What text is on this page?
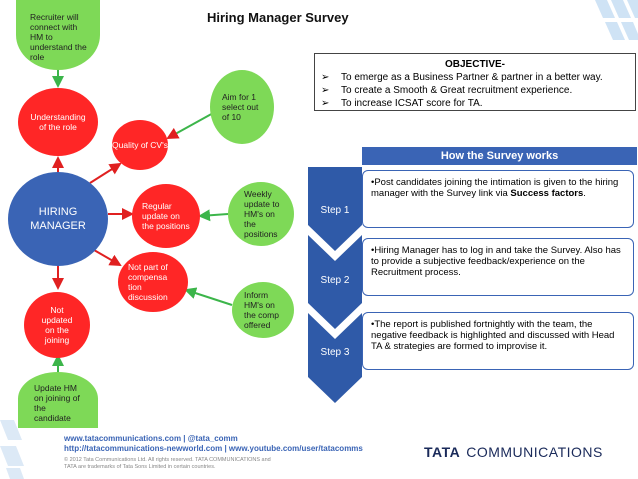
Hiring Manager Survey
Recruiter will connect with HM to understand the role
Understanding of the role
Quality of CV's
Aim for 1 select out of 10
HIRING MANAGER
Regular update on the positions
Weekly update to HM's on the positions
Not part of compensa tion discussion	Inform HM's on the comp offered
Not updated on the joining
Update HM on joining of the candidate
OBJECTIVE-
➢	To emerge as a Business Partner & partner in a better way.
➢	To create a Smooth & Great recruitment experience.
➢	To increase ICSAT score for TA.
How the Survey works
Step 1
Step 2
Step 3
•Post candidates joining the intimation is given to the hiring manager with the Survey link via Success factors.
•Hiring Manager has to log in and take the Survey. Also has to provide a subjective feedback/experience on the Recruitment process.
•The report is published fortnightly with the team, the negative feedback is highlighted and discussed with Head TA & strategies are formed to improvise it.
www.tatacommunications.com | @tata_comm
http://tatacommunications-newworld.com | www.youtube.com/user/tatacomms
© 2012 Tata Communications Ltd. All rights reserved. TATA COMMUNICATIONS and
TATA are trademarks of Tata Sons Limited in certain countries.
TATA COMMUNICATIONS
